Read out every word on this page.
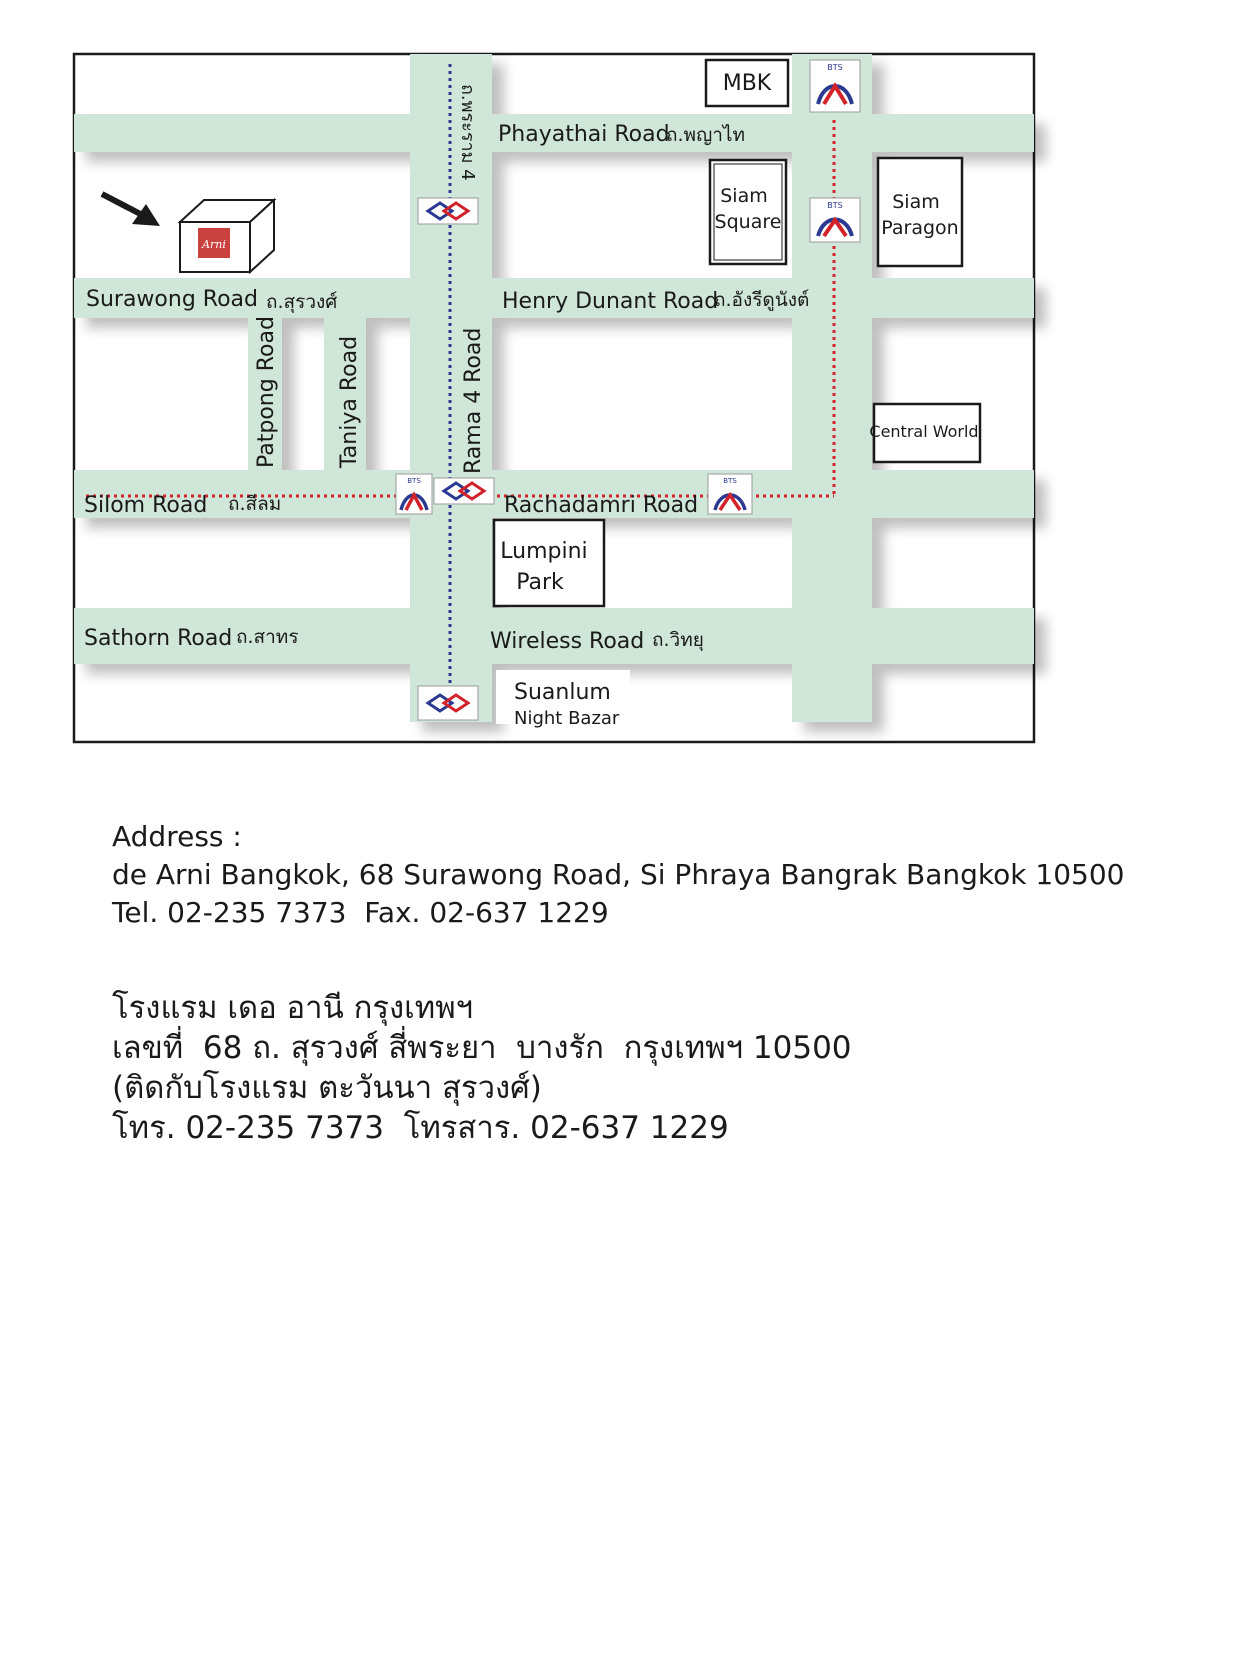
Arni
BTS
BTS
BTS	BTS
Phayathai Road
ถ.พญาไท
Surawong Road ถ.สุรวงศ์	Henry Dunant Road
ถ.อังรีดูนังต์
Patpong Road	Taniya Road	Rama 4 Road
ถ.พระราม 4
Silom Road ถ.สีลม	Rachadamri Road
Sathorn Road ถ.สาทร	Wireless Road ถ.วิทยุ
MBK
Siam
Square
Siam
Paragon
Central World
Lumpini
Park
Suanlum
Night Bazar
Address :
de Arni Bangkok, 68 Surawong Road, Si Phraya Bangrak Bangkok 10500
Tel. 02-235 7373  Fax. 02-637 1229
โรงแรม เดอ อานี กรุงเทพฯ
เลขที่  68 ถ. สุรวงศ์ สี่พระยา  บางรัก  กรุงเทพฯ 10500
(ติดกับโรงแรม ตะวันนา สุรวงศ์)
โทร. 02-235 7373  โทรสาร. 02-637 1229
